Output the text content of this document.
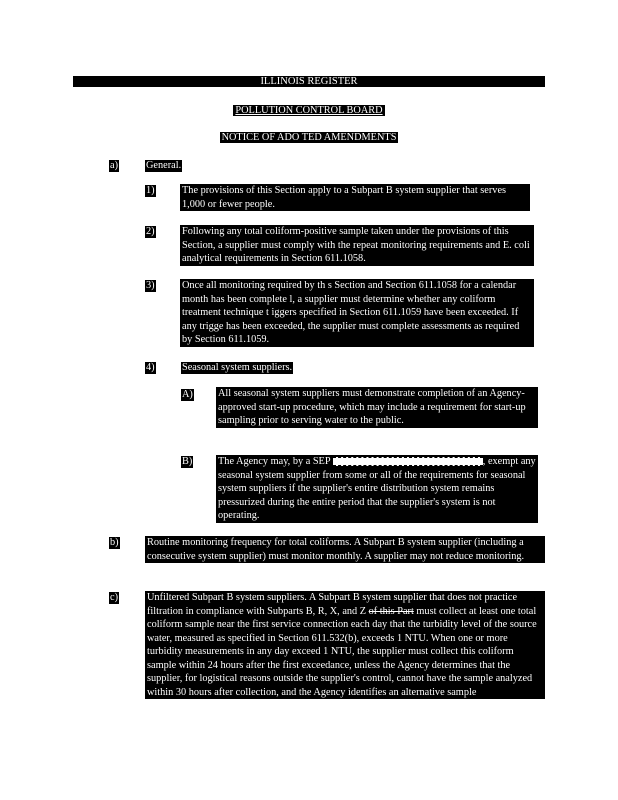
ILLINOIS REGISTER
POLLUTION CONTROL BOARD
NOTICE OF ADO TED AMENDMENTS
a)	General.
1)	The provisions of this Section apply to a Subpart B system supplier that serves 1,000 or fewer people.

2)	Following any total coliform-positive sample taken under the provisions of this Section, a supplier must comply with the repeat monitoring requirements and E. coli analytical requirements in Section 611.1058.

3)	Once all monitoring required by th s Section and Section 611.1058 for a calendar month has been complete l, a supplier must determine whether any coliform treatment technique t iggers specified in Section 611.1059 have been exceeded. If any trigge has been exceeded, the supplier must complete assessments as required by Section 611.1059.

4)	Seasonal system suppliers.
A) All seasonal system suppliers must demonstrate completion of an Agency-approved start-up procedure, which may include a requirement for start-up sampling prior to serving water to the public.

B) The Agency may, by a SEP	, exempt any seasonal system supplier from some or all of the requirements for seasonal system suppliers if the supplier's entire distribution system remains pressurized during the entire period that the supplier's system is not operating.

b)	Routine monitoring frequency for total coliforms. A Subpart B system supplier (including a consecutive system supplier) must monitor monthly. A supplier may not reduce monitoring.

c)	Unfiltered Subpart B system suppliers. A Subpart B system supplier that does not practice filtration in compliance with Subparts B, R, X, and Z of this Part must collect at least one total coliform sample near the first service connection each day that the turbidity level of the source water, measured as specified in Section 611.532(b), exceeds 1 NTU. When one or more turbidity measurements in any day exceed 1 NTU, the supplier must collect this coliform sample within 24 hours after the first exceedance, unless the Agency determines that the supplier, for logistical reasons outside the supplier's control, cannot have the sample analyzed within 30 hours after collection, and the Agency identifies an alternative sample
